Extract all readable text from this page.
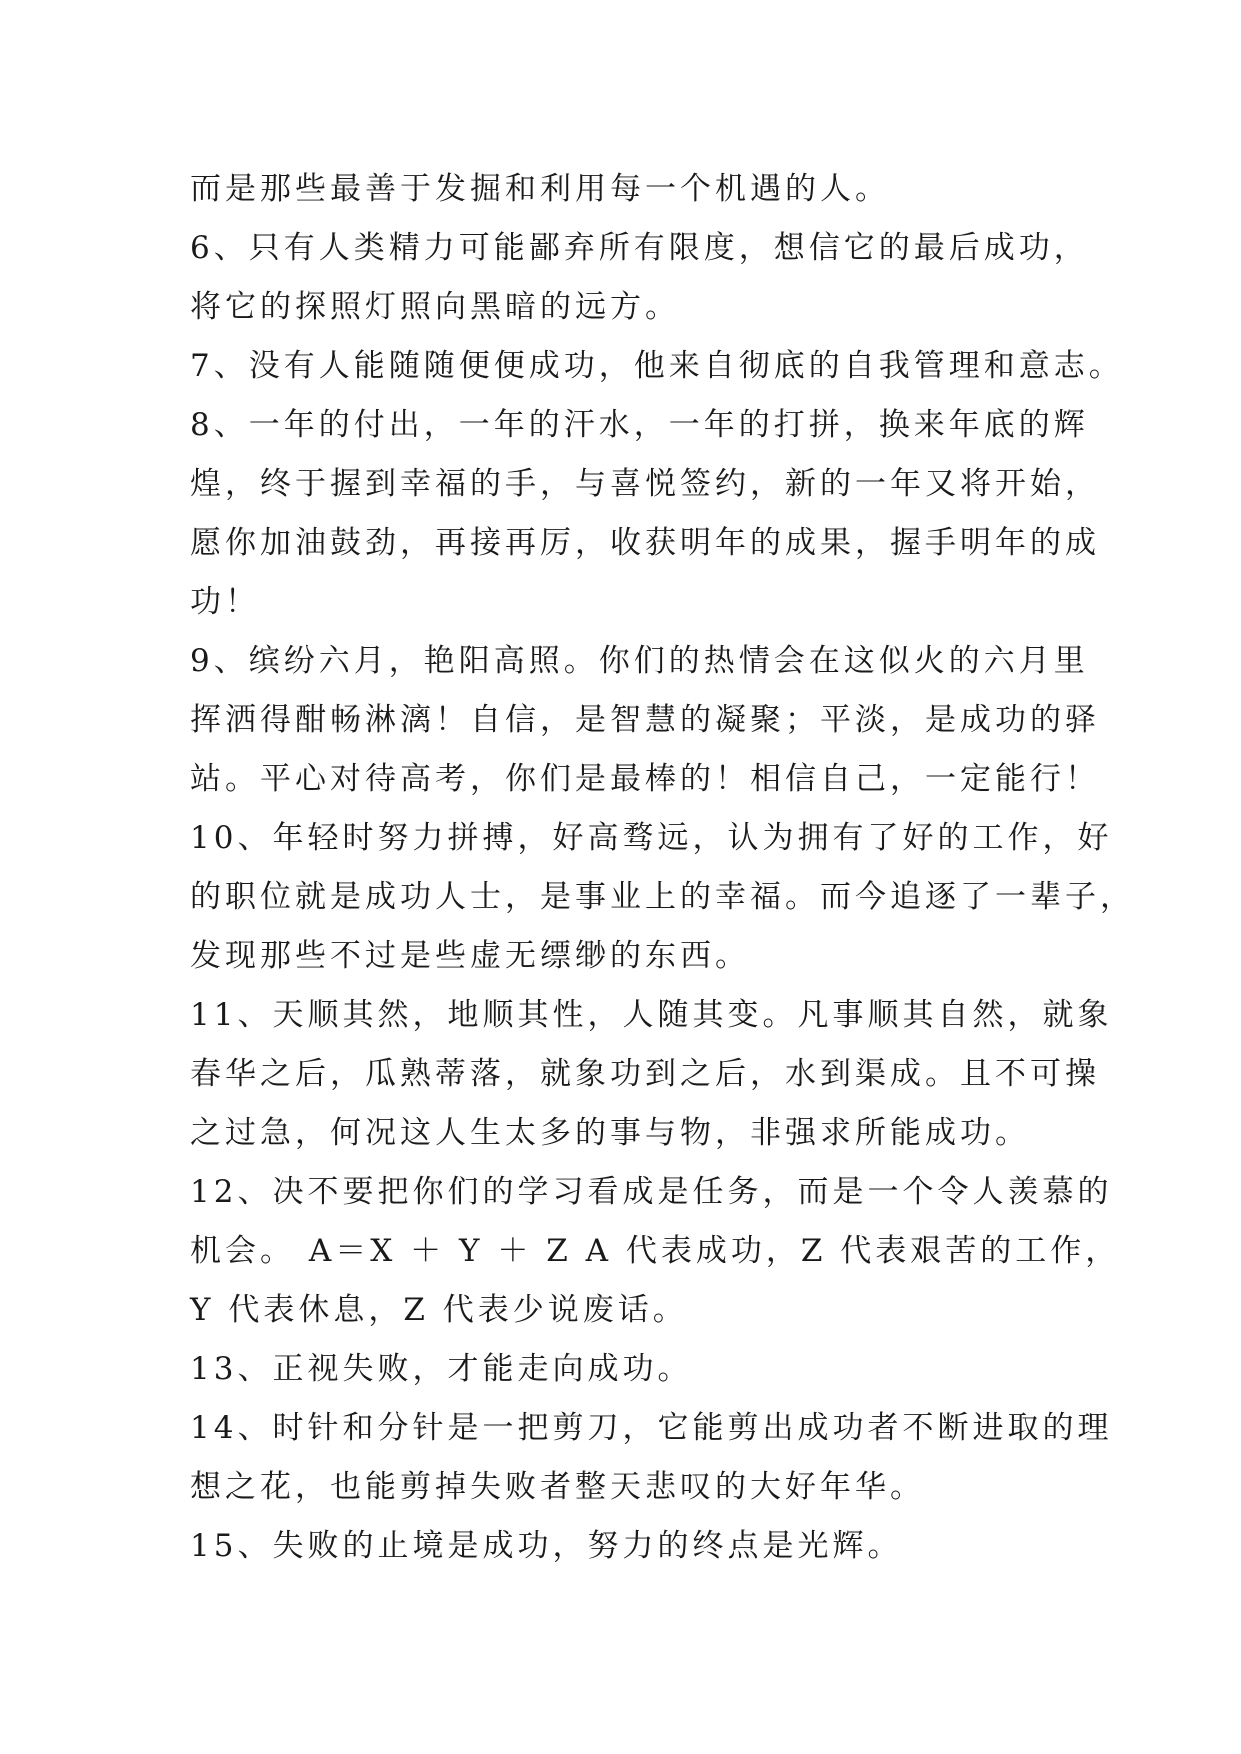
而是那些最善于发掘和利用每一个机遇的人。
6、只有人类精力可能鄙弃所有限度，想信它的最后成功，
将它的探照灯照向黑暗的远方。
7、没有人能随随便便成功，他来自彻底的自我管理和意志。
8、一年的付出，一年的汗水，一年的打拼，换来年底的辉
煌，终于握到幸福的手，与喜悦签约，新的一年又将开始，
愿你加油鼓劲，再接再厉，收获明年的成果，握手明年的成
功！
9、缤纷六月，艳阳高照。你们的热情会在这似火的六月里
挥洒得酣畅淋漓！自信，是智慧的凝聚；平淡，是成功的驿
站。平心对待高考，你们是最棒的！相信自己，一定能行！
10、年轻时努力拼搏，好高骛远，认为拥有了好的工作，好
的职位就是成功人士，是事业上的幸福。而今追逐了一辈子，
发现那些不过是些虚无缥缈的东西。
11、天顺其然，地顺其性，人随其变。凡事顺其自然，就象
春华之后，瓜熟蒂落，就象功到之后，水到渠成。且不可操
之过急，何况这人生太多的事与物，非强求所能成功。
12、决不要把你们的学习看成是任务，而是一个令人羡慕的
机会。 A＝X ＋ Y ＋ Z A 代表成功，Z 代表艰苦的工作，
Y 代表休息，Z 代表少说废话。
13、正视失败，才能走向成功。
14、时针和分针是一把剪刀，它能剪出成功者不断进取的理
想之花，也能剪掉失败者整天悲叹的大好年华。
15、失败的止境是成功，努力的终点是光辉。
